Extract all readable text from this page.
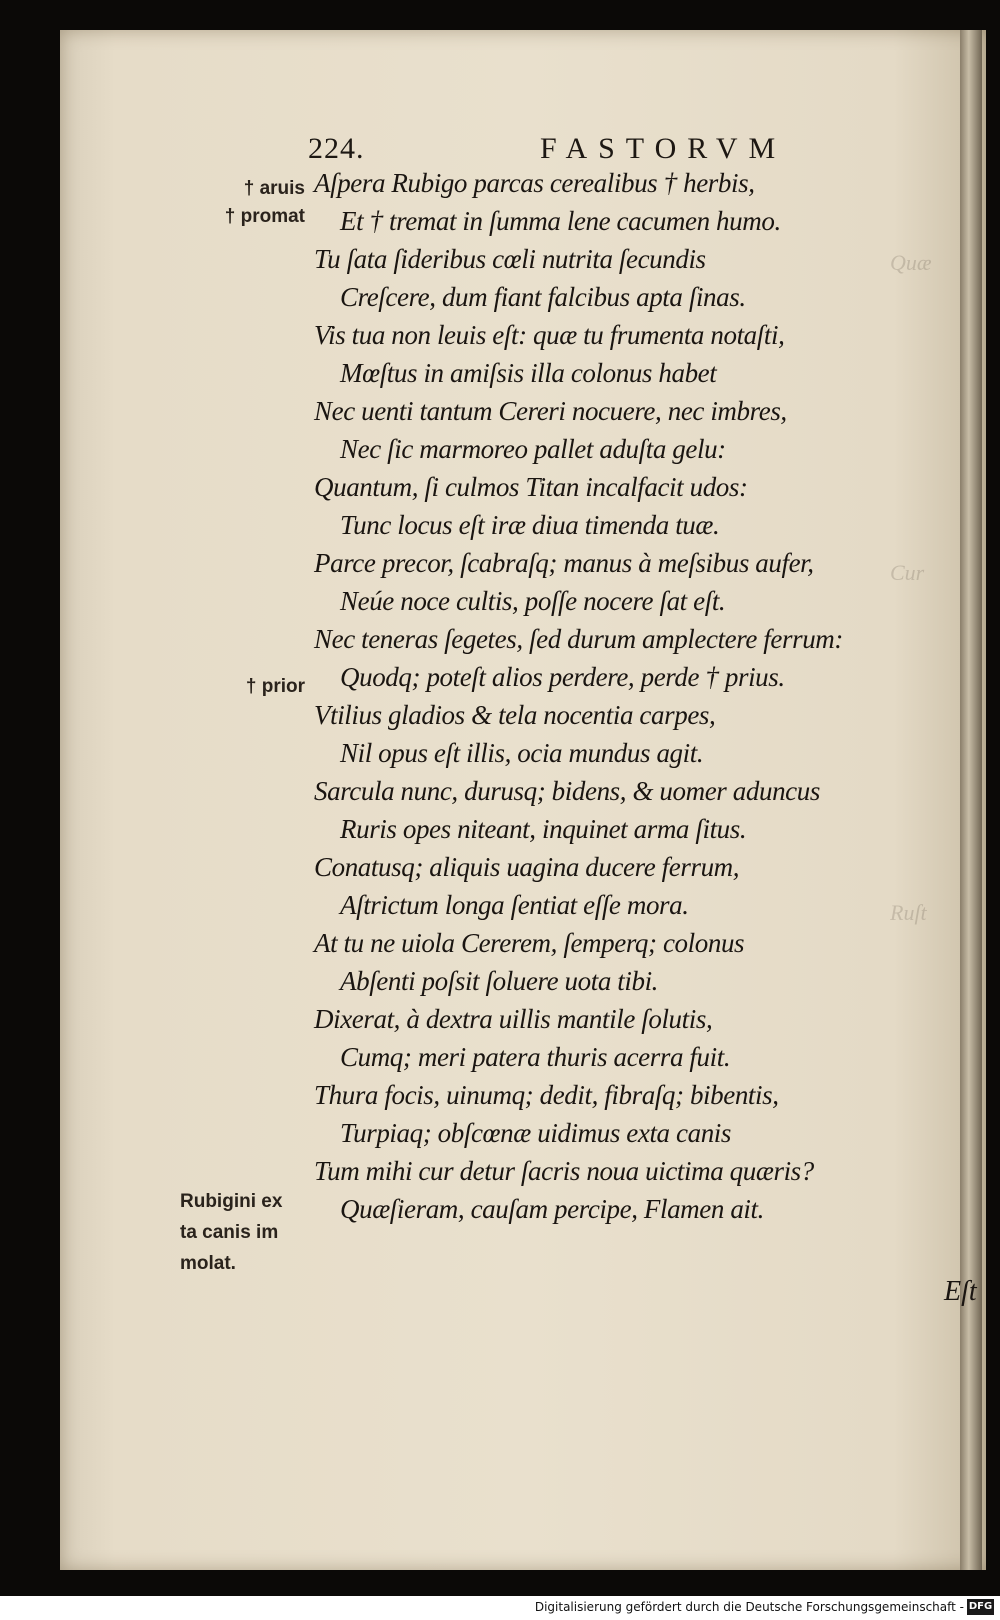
Quæ
Cur
Ruſt
224.	FASTORVM
Aſpera Rubigo parcas cerealibus † herbis,
Et † tremat in ſumma lene cacumen humo.
Tu ſata ſideribus cœli nutrita ſecundis
Creſcere, dum fiant falcibus apta ſinas.
Vis tua non leuis eſt: quæ tu frumenta notaſti,
Mœſtus in amiſsis illa colonus habet
Nec uenti tantum Cereri nocuere, nec imbres,
Nec ſic marmoreo pallet aduſta gelu:
Quantum, ſi culmos Titan incalfacit udos:
Tunc locus eſt iræ diua timenda tuæ.
Parce precor, ſcabraſq; manus à meſsibus aufer,
Neúe noce cultis, poſſe nocere ſat eſt.
Nec teneras ſegetes, ſed durum amplectere ferrum:
Quodq; poteſt alios perdere, perde † prius.
Vtilius gladios & tela nocentia carpes,
Nil opus eſt illis, ocia mundus agit.
Sarcula nunc, durusq; bidens, & uomer aduncus
Ruris opes niteant, inquinet arma ſitus.
Conatusq; aliquis uagina ducere ferrum,
Aſtrictum longa ſentiat eſſe mora.
At tu ne uiola Cererem, ſemperq; colonus
Abſenti poſsit ſoluere uota tibi.
Dixerat, à dextra uillis mantile ſolutis,
Cumq; meri patera thuris acerra fuit.
Thura focis, uinumq; dedit, fibraſq; bibentis,
Turpiaq; obſcœnæ uidimus exta canis
Tum mihi cur detur ſacris noua uictima quæris?
Quæſieram, cauſam percipe, Flamen ait.
† aruis
† promat
† prior
Rubigini ex
ta canis im
molat.
Eſt
Digitalisierung gefördert durch die Deutsche Forschungsgemeinschaft - DFG
